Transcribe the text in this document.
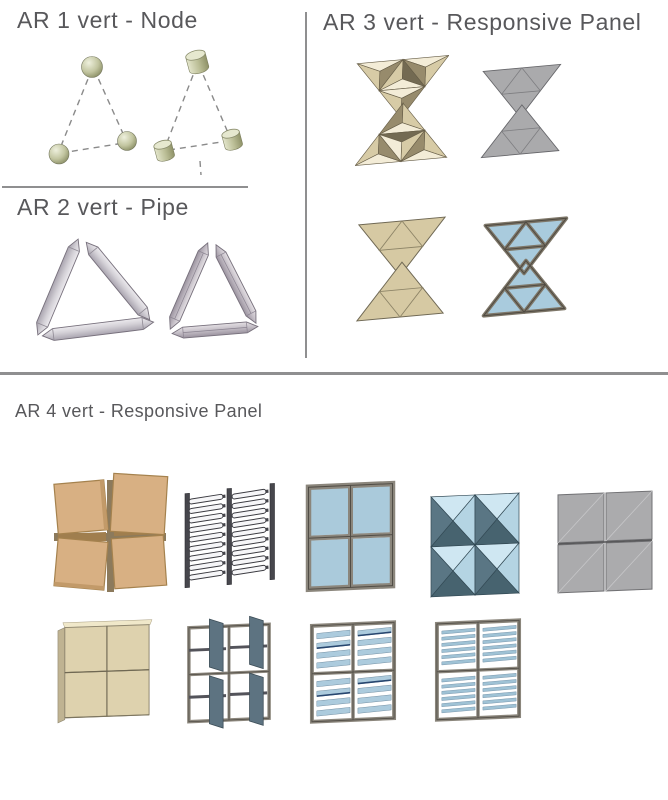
AR 1 vert - Node
AR 2 vert - Pipe
AR 3 vert - Responsive Panel
AR 4 vert - Responsive Panel
